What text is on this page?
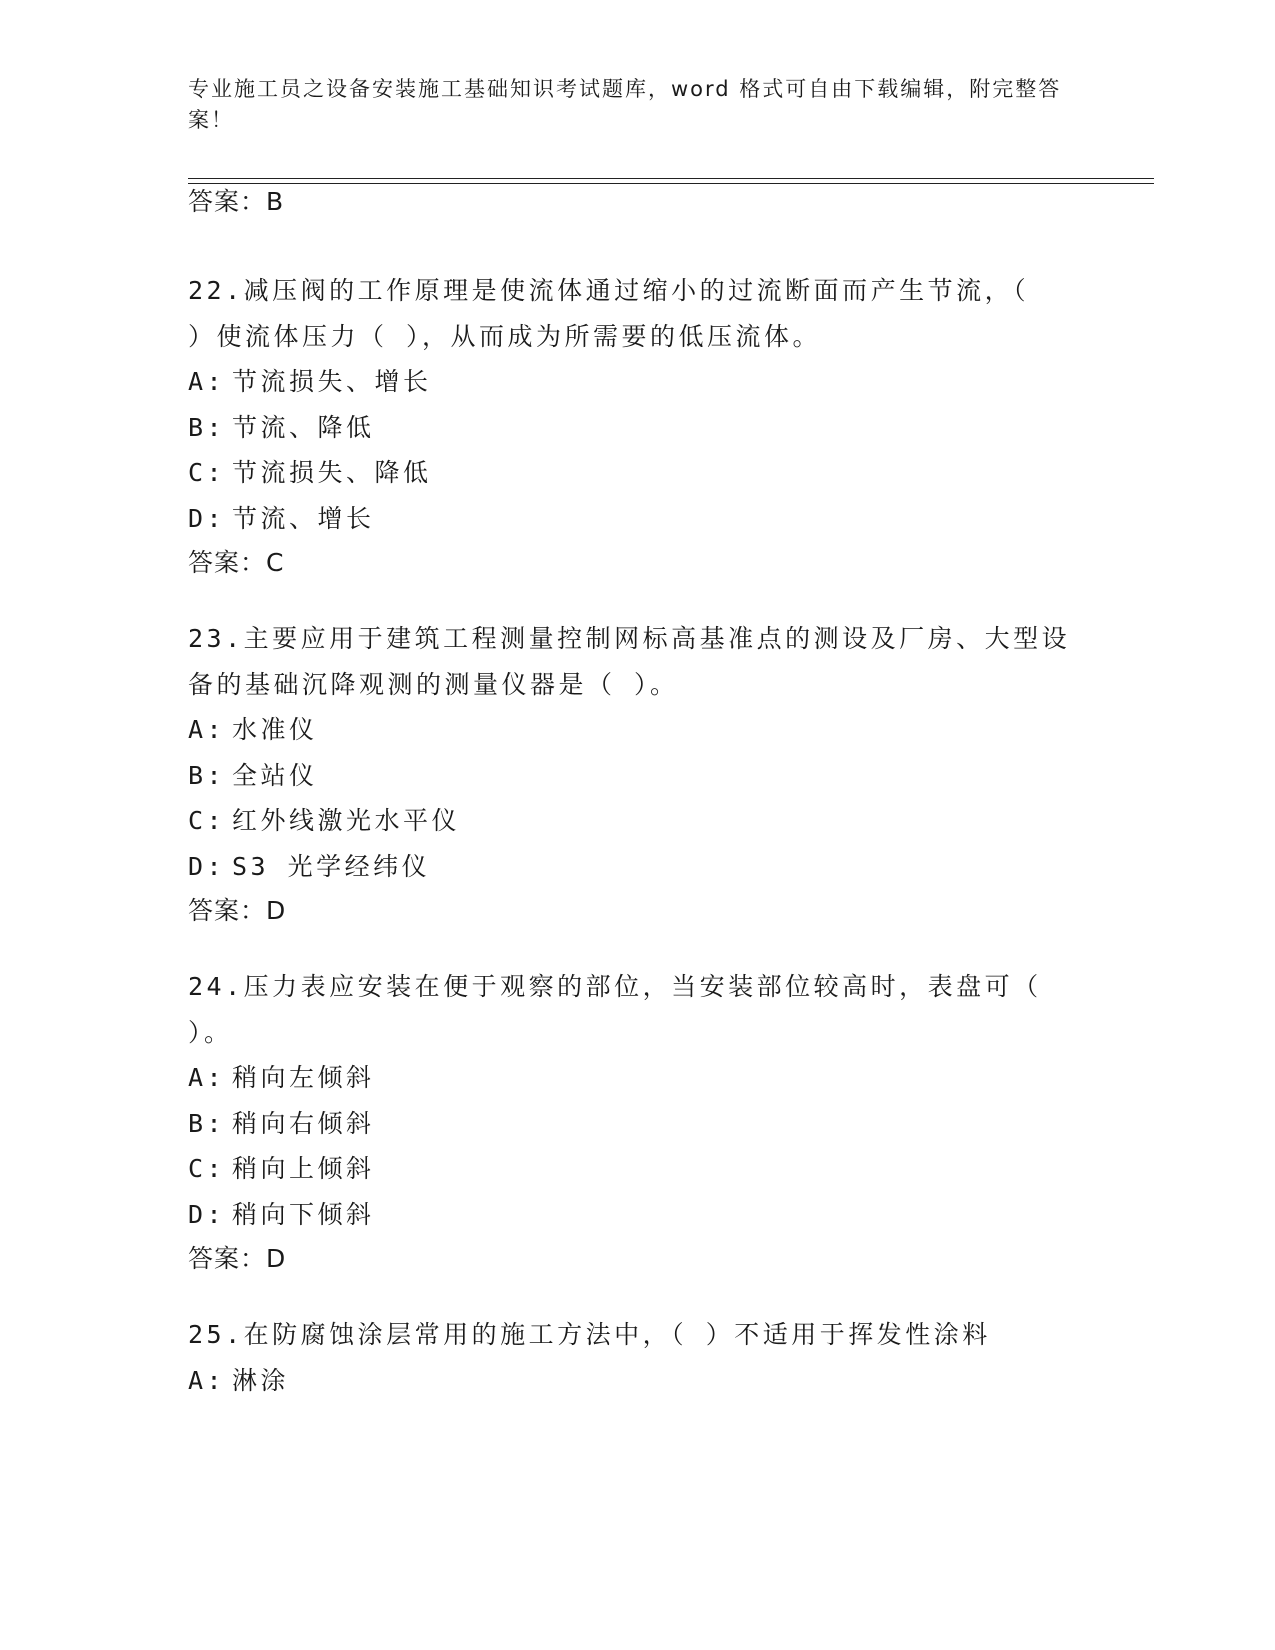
专业施工员之设备安装施工基础知识考试题库，word 格式可自由下载编辑，附完整答案！
答案：B
22.减压阀的工作原理是使流体通过缩小的过流断面而产生节流，（
）使流体压力（ ），从而成为所需要的低压流体。
A: 节流损失、增长
B: 节流、降低
C: 节流损失、降低
D: 节流、增长
答案：C
23.主要应用于建筑工程测量控制网标高基准点的测设及厂房、大型设
备的基础沉降观测的测量仪器是（ ）。
A: 水准仪
B: 全站仪
C: 红外线激光水平仪
D: S3 光学经纬仪
答案：D
24.压力表应安装在便于观察的部位，当安装部位较高时，表盘可（
）。
A: 稍向左倾斜
B: 稍向右倾斜
C: 稍向上倾斜
D: 稍向下倾斜
答案：D
25.在防腐蚀涂层常用的施工方法中，（ ）不适用于挥发性涂料
A: 淋涂
